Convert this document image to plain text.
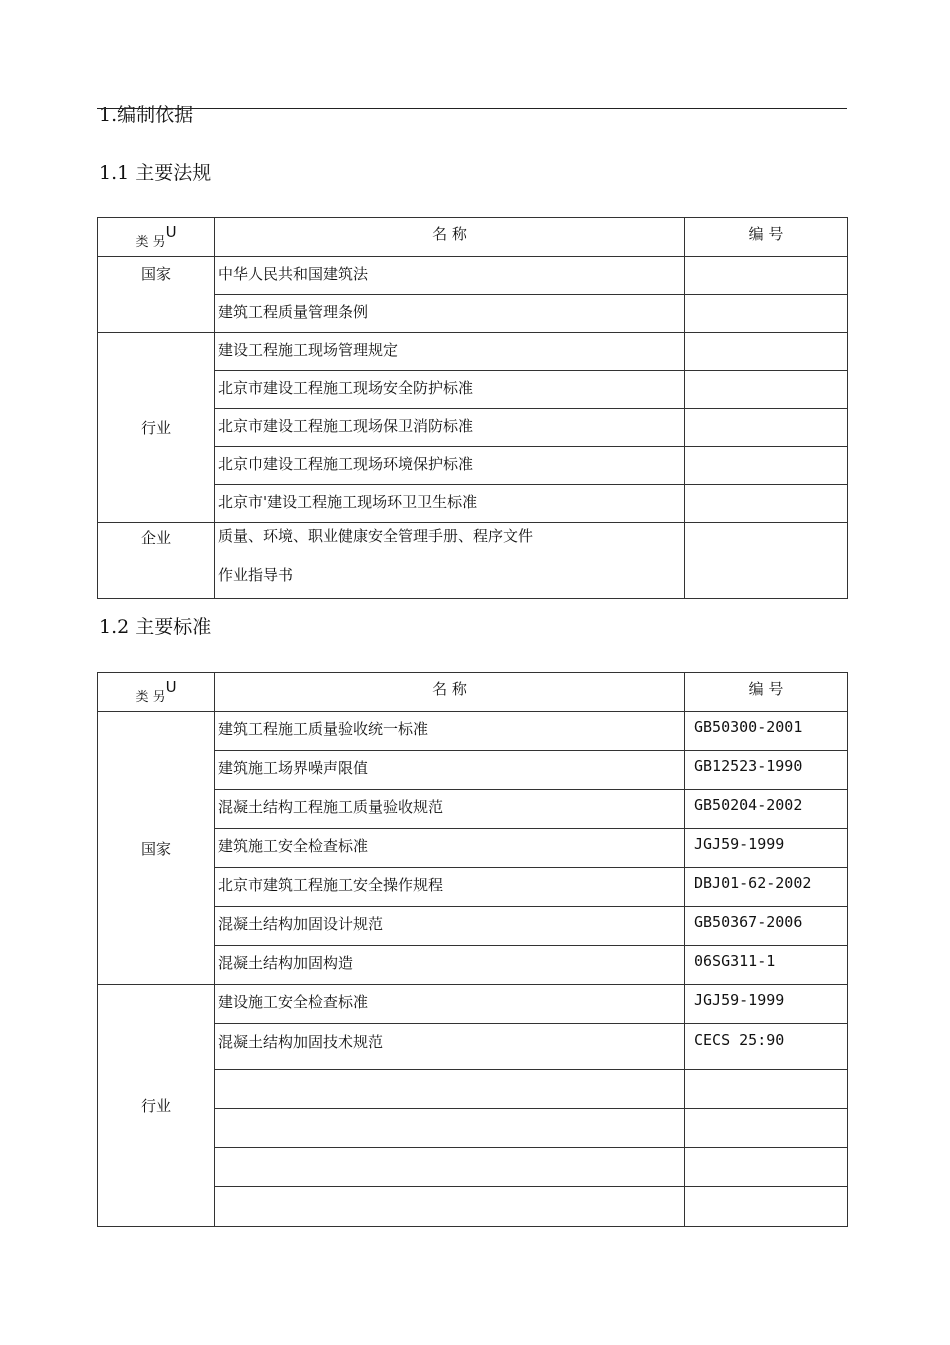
1.编制依据
1.1 主要法规
类 另U	名 称	编 号
国家	中华人民共和国建筑法	
	建筑工程质量管理条例	
行业	建设工程施工现场管理规定	
	北京市建设工程施工现场安全防护标准	
	北京市建设工程施工现场保卫消防标准	
	北京巾建设工程施工现场环境保护标准	
	北京市'建设工程施工现场环卫卫生标准	
企业	质量、环境、职业健康安全管理手册、程序文件
作业指导书	

1.2 主要标准
类 另U	名 称	编 号
国家	建筑工程施工质量验收统一标准	GB50300-2001
	建筑施工场界噪声限值	GB12523-1990
	混凝土结构工程施工质量验收规范	GB50204-2002
	建筑施工安全检查标准	JGJ59-1999
	北京市建筑工程施工安全操作规程	DBJ01-62-2002
	混凝土结构加固设计规范	GB50367-2006
	混凝土结构加固构造	06SG311-1
行业	建设施工安全检查标准	JGJ59-1999
	混凝土结构加固技术规范	CECS 25:90
